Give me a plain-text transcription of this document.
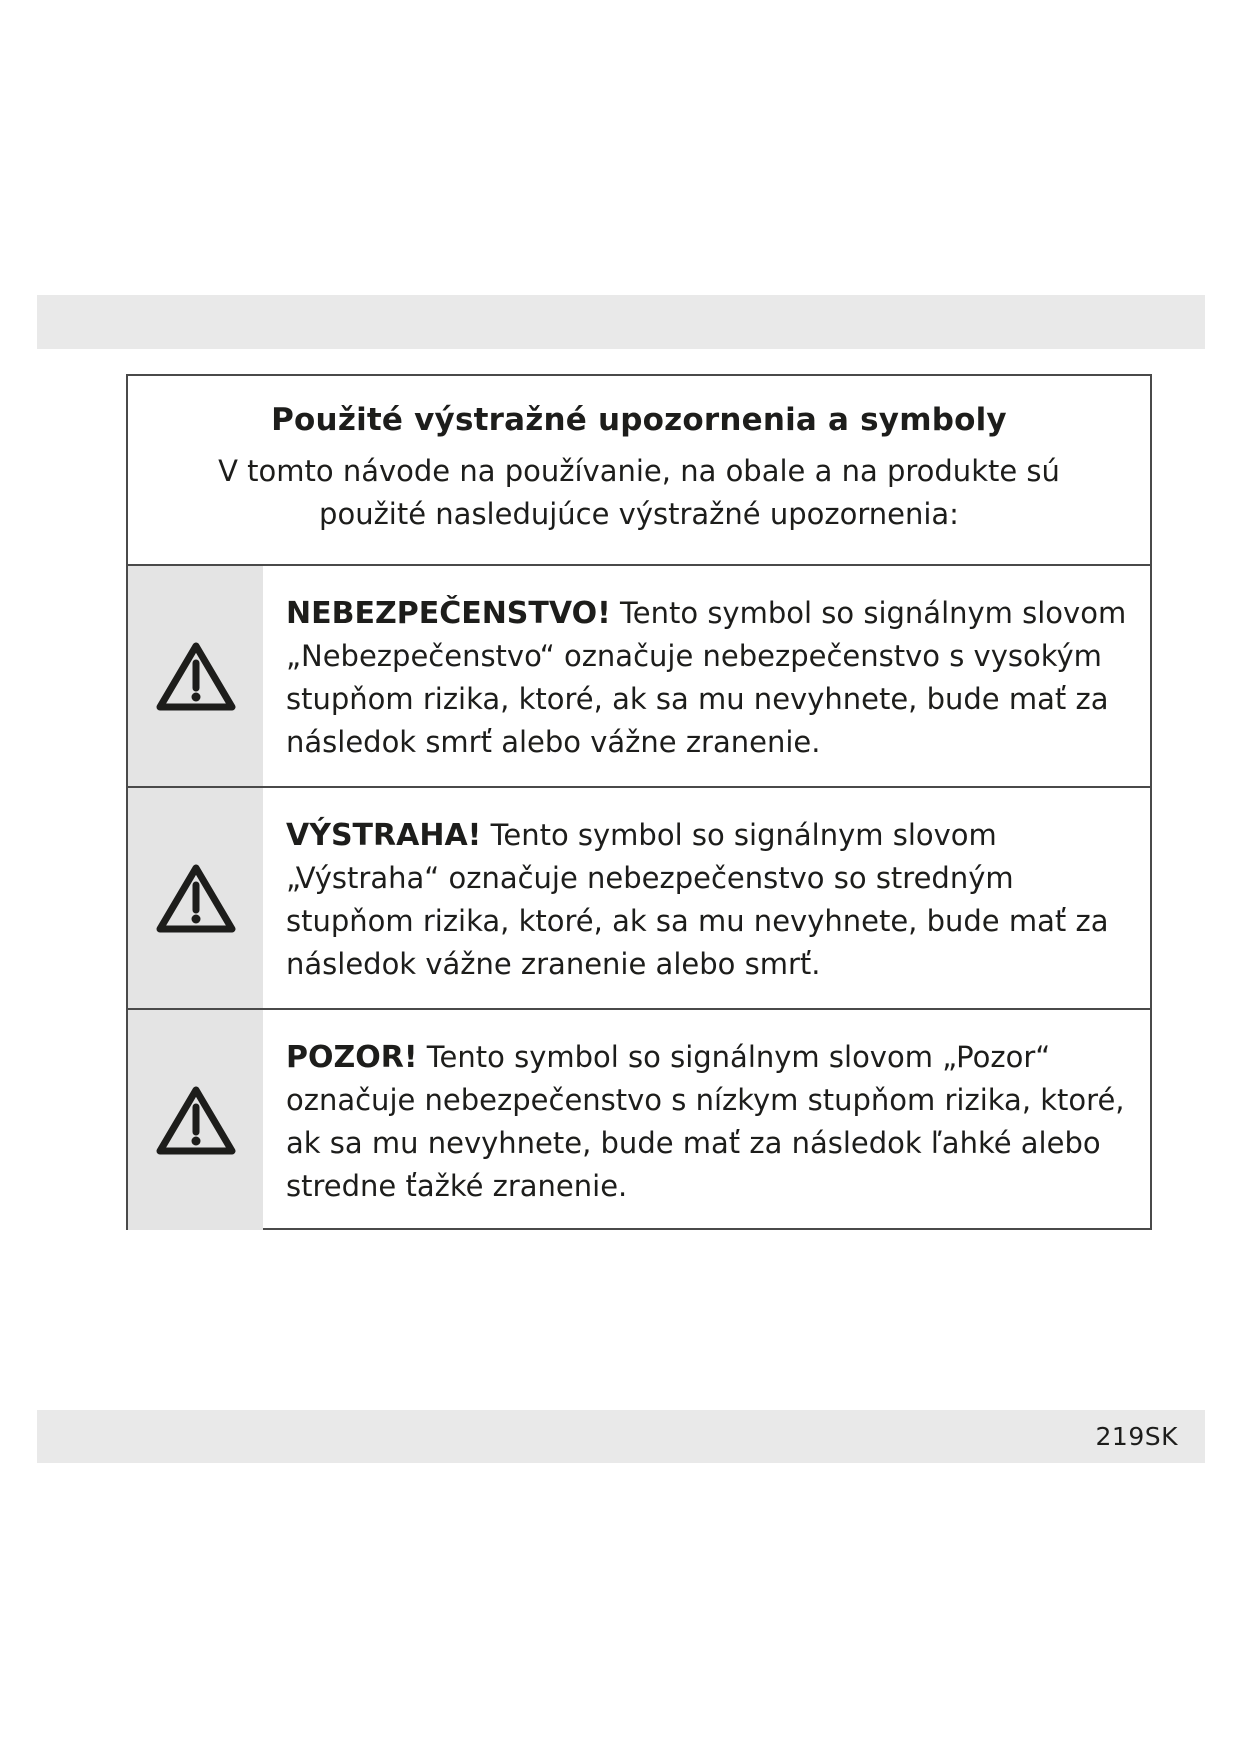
Použité výstražné upozornenia a symboly
V tomto návode na používanie, na obale a na produkte sú použité nasledujúce výstražné upozornenia:
NEBEZPEČENSTVO! Tento symbol so signálnym slovom „Nebezpečenstvo“ označuje nebezpečenstvo s vysokým stupňom rizika, ktoré, ak sa mu nevyhnete, bude mať za následok smrť alebo vážne zranenie.
VÝSTRAHA! Tento symbol so signálnym slovom „Výstraha“ označuje nebezpečenstvo so stredným stupňom rizika, ktoré, ak sa mu nevyhnete, bude mať za následok vážne zranenie alebo smrť.
POZOR! Tento symbol so signálnym slovom „Pozor“ označuje nebezpečenstvo s nízkym stupňom rizika, ktoré, ak sa mu nevyhnete, bude mať za následok ľahké alebo stredne ťažké zranenie.
219SK
